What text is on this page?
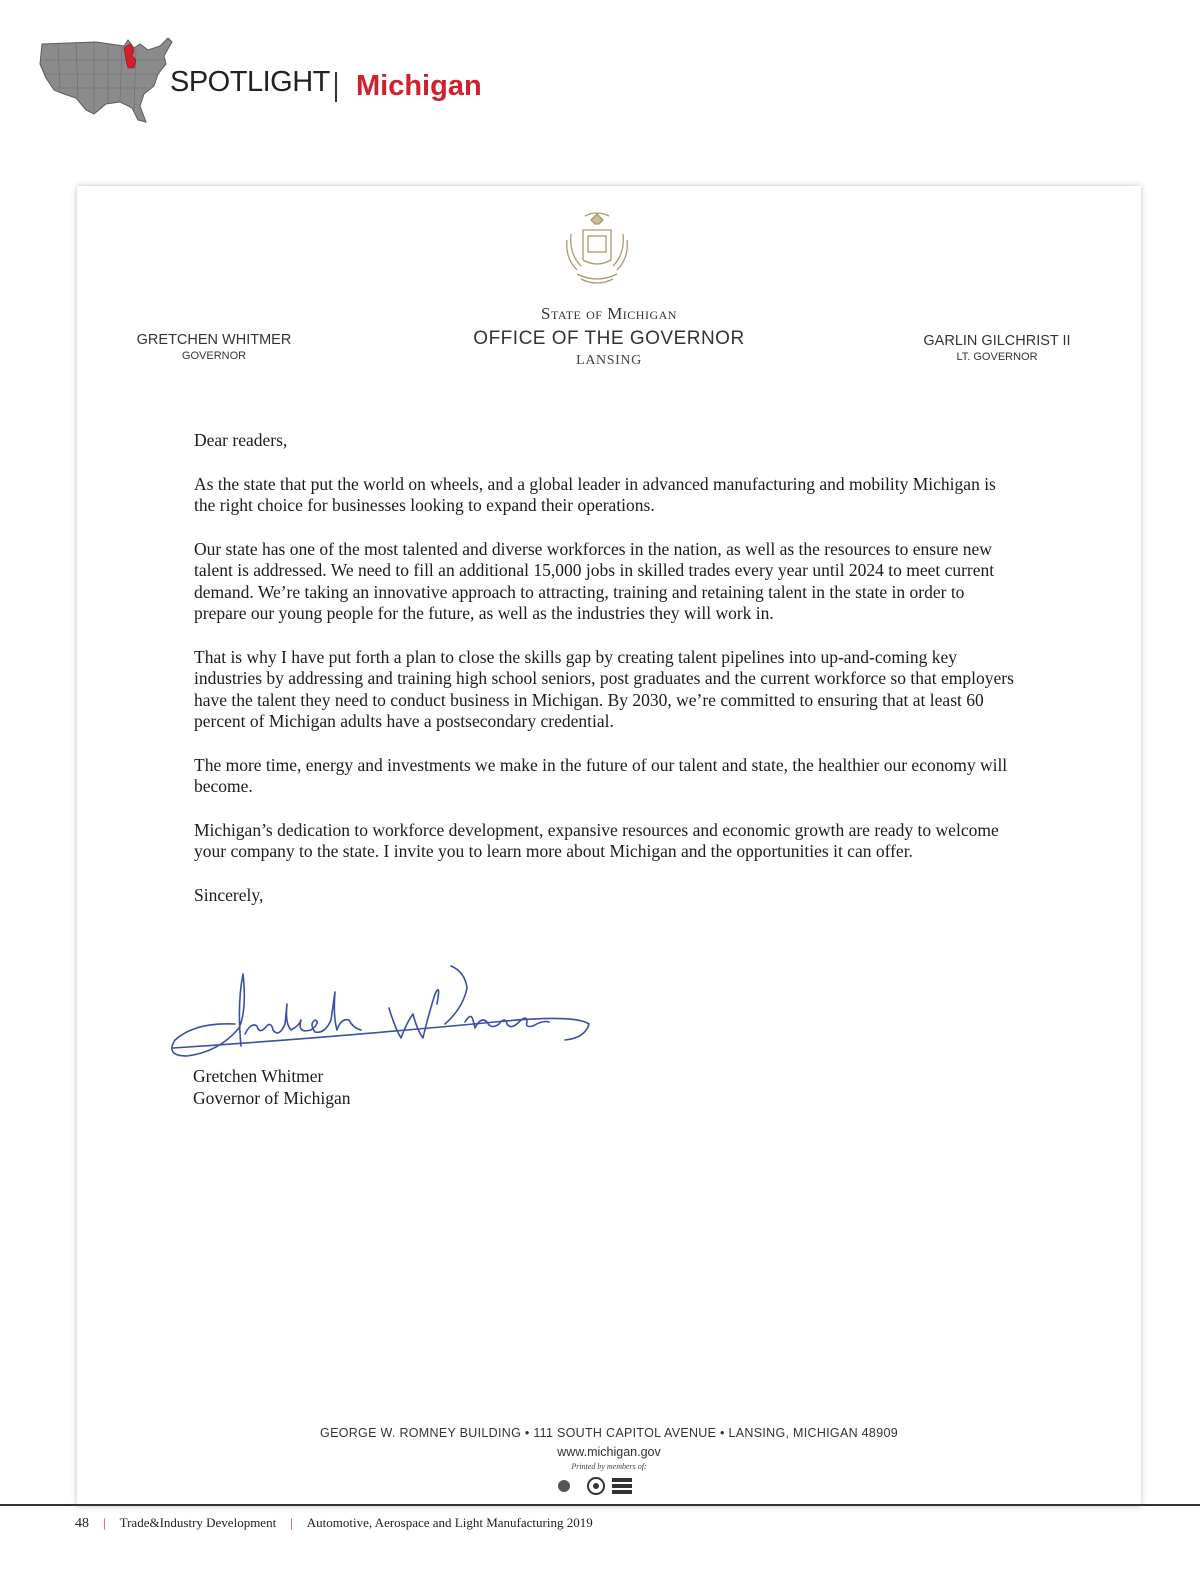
SPOTLIGHT Michigan
State of Michigan
OFFICE OF THE GOVERNOR
LANSING
GRETCHEN WHITMER
GOVERNOR
GARLIN GILCHRIST II
LT. GOVERNOR

Dear readers,

As the state that put the world on wheels, and a global leader in advanced manufacturing and mobility Michigan is the right choice for businesses looking to expand their operations.

Our state has one of the most talented and diverse workforces in the nation, as well as the resources to ensure new talent is addressed. We need to fill an additional 15,000 jobs in skilled trades every year until 2024 to meet current demand. We’re taking an innovative approach to attracting, training and retaining talent in the state in order to prepare our young people for the future, as well as the industries they will work in.

That is why I have put forth a plan to close the skills gap by creating talent pipelines into up-and-coming key industries by addressing and training high school seniors, post graduates and the current workforce so that employers have the talent they need to conduct business in Michigan. By 2030, we’re committed to ensuring that at least 60 percent of Michigan adults have a postsecondary credential.

The more time, energy and investments we make in the future of our talent and state, the healthier our economy will become.

Michigan’s dedication to workforce development, expansive resources and economic growth are ready to welcome your company to the state. I invite you to learn more about Michigan and the opportunities it can offer.

Sincerely,

Gretchen Whitmer
Governor of Michigan
GEORGE W. ROMNEY BUILDING • 111 SOUTH CAPITOL AVENUE • LANSING, MICHIGAN 48909
www.michigan.gov
Printed by members of:
48 | Trade&Industry Development | Automotive, Aerospace and Light Manufacturing 2019
